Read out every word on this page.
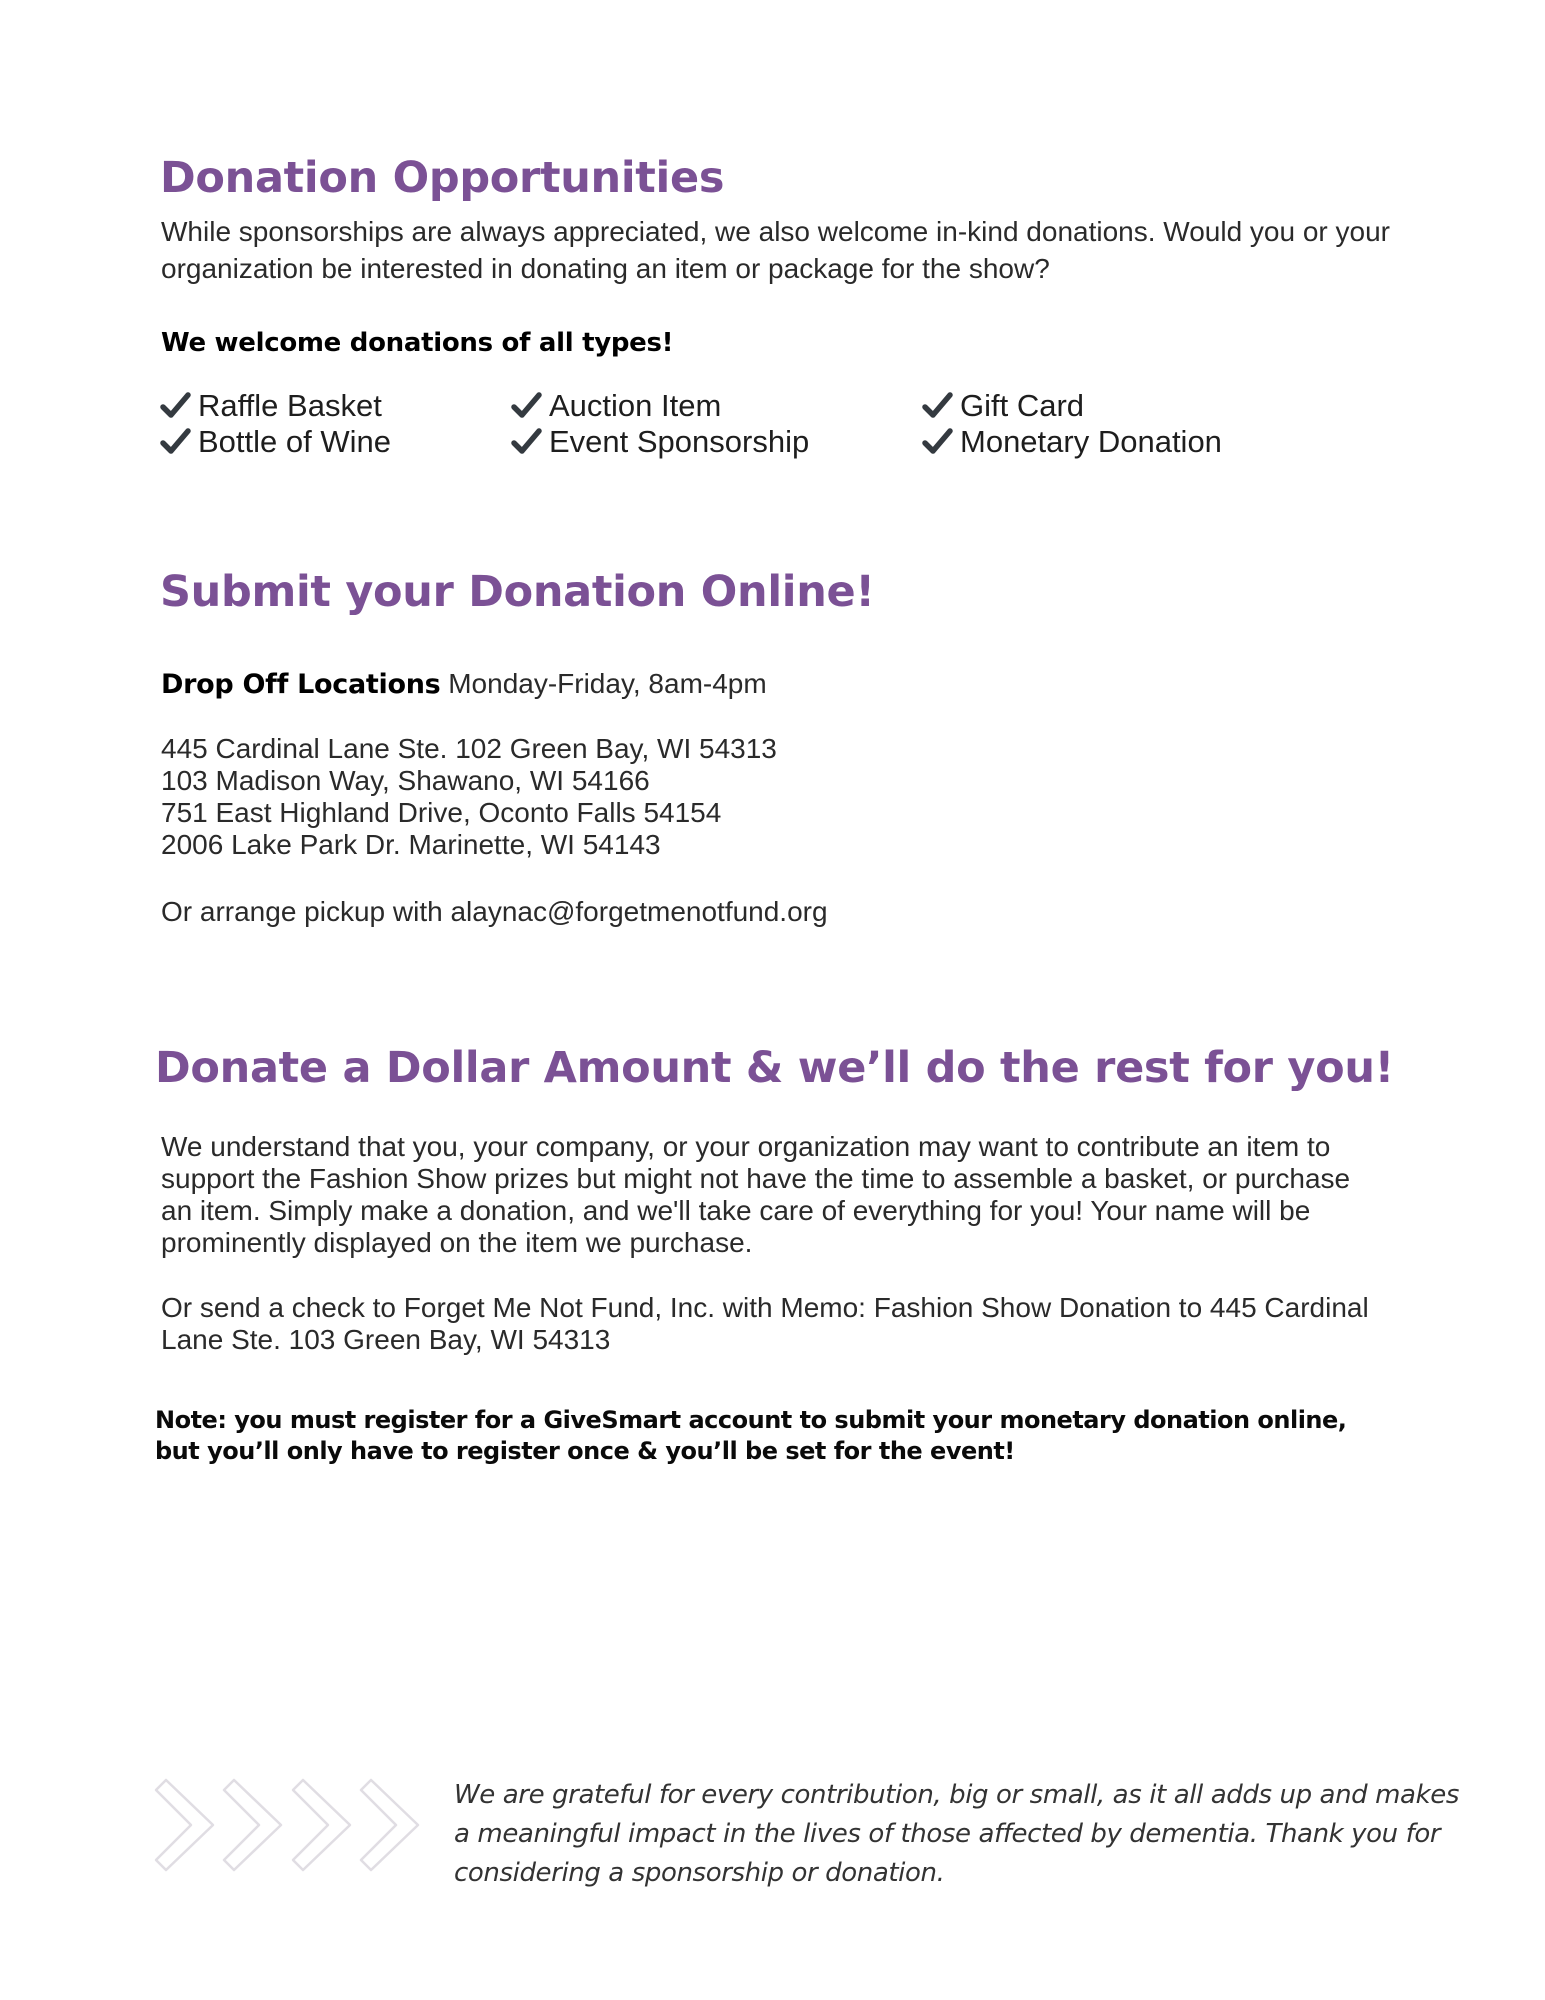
Donation Opportunities
While sponsorships are always appreciated, we also welcome in-kind donations. Would you or your
organization be interested in donating an item or package for the show?
We welcome donations of all types!
Raffle Basket
Bottle of Wine
Auction Item
Event Sponsorship
Gift Card
Monetary Donation
Submit your Donation Online!
Drop Off Locations Monday-Friday, 8am-4pm
445 Cardinal Lane Ste. 102 Green Bay, WI 54313
103 Madison Way, Shawano, WI 54166
751 East Highland Drive, Oconto Falls 54154
2006 Lake Park Dr. Marinette, WI 54143
Or arrange pickup with alaynac@forgetmenotfund.org
Donate a Dollar Amount & we’ll do the rest for you!
We understand that you, your company, or your organization may want to contribute an item to
support the Fashion Show prizes but might not have the time to assemble a basket, or purchase
an item. Simply make a donation, and we'll take care of everything for you! Your name will be
prominently displayed on the item we purchase.
Or send a check to Forget Me Not Fund, Inc. with Memo: Fashion Show Donation to 445 Cardinal
Lane Ste. 103 Green Bay, WI 54313
Note: you must register for a GiveSmart account to submit your monetary donation online,
but you’ll only have to register once & you’ll be set for the event!
We are grateful for every contribution, big or small, as it all adds up and makes
a meaningful impact in the lives of those affected by dementia. Thank you for
considering a sponsorship or donation.
